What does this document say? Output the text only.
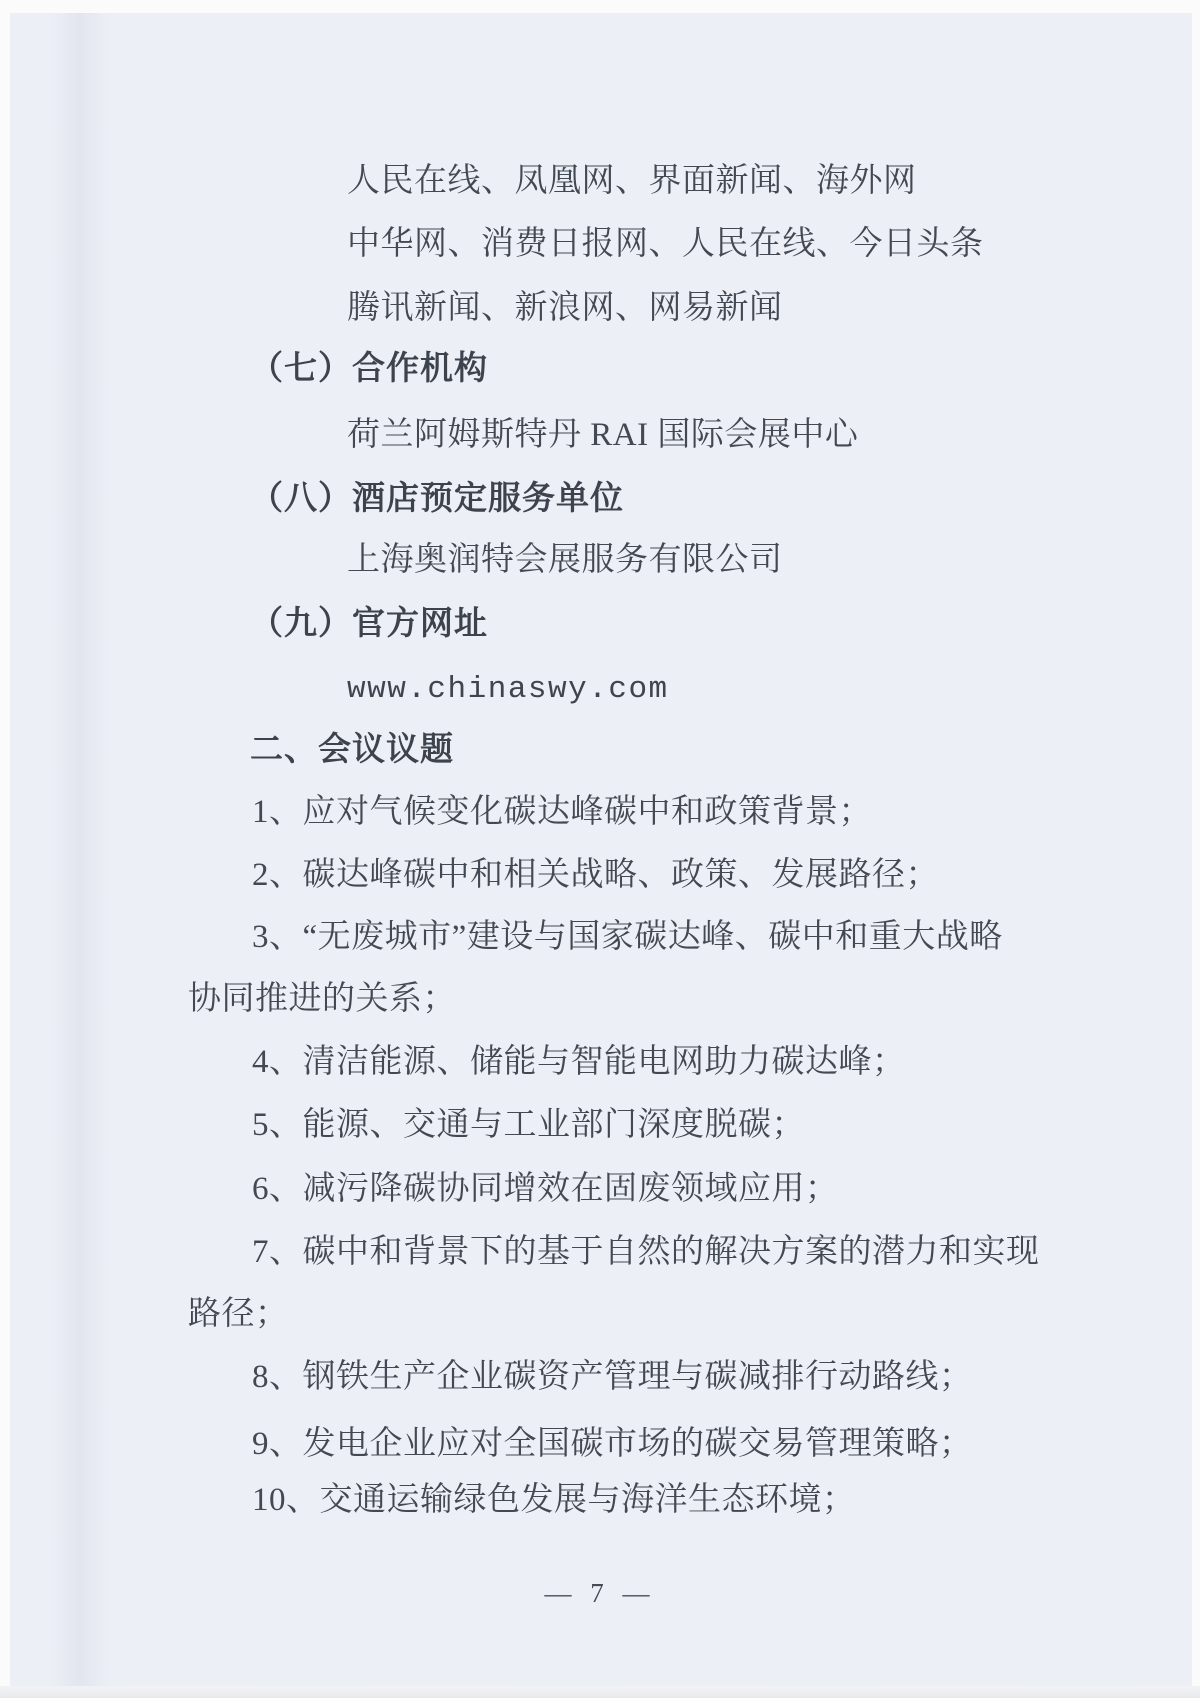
人民在线、凤凰网、界面新闻、海外网
中华网、消费日报网、人民在线、今日头条
腾讯新闻、新浪网、网易新闻
（七）合作机构
荷兰阿姆斯特丹 RAI 国际会展中心
（八）酒店预定服务单位
上海奥润特会展服务有限公司
（九）官方网址
www.chinaswy.com
二、会议议题
1、应对气候变化碳达峰碳中和政策背景；
2、碳达峰碳中和相关战略、政策、发展路径；
3、“无废城市”建设与国家碳达峰、碳中和重大战略
协同推进的关系；
4、清洁能源、储能与智能电网助力碳达峰；
5、能源、交通与工业部门深度脱碳；
6、减污降碳协同增效在固废领域应用；
7、碳中和背景下的基于自然的解决方案的潜力和实现
路径；
8、钢铁生产企业碳资产管理与碳减排行动路线；
9、发电企业应对全国碳市场的碳交易管理策略；
10、交通运输绿色发展与海洋生态环境；
— 7 —
